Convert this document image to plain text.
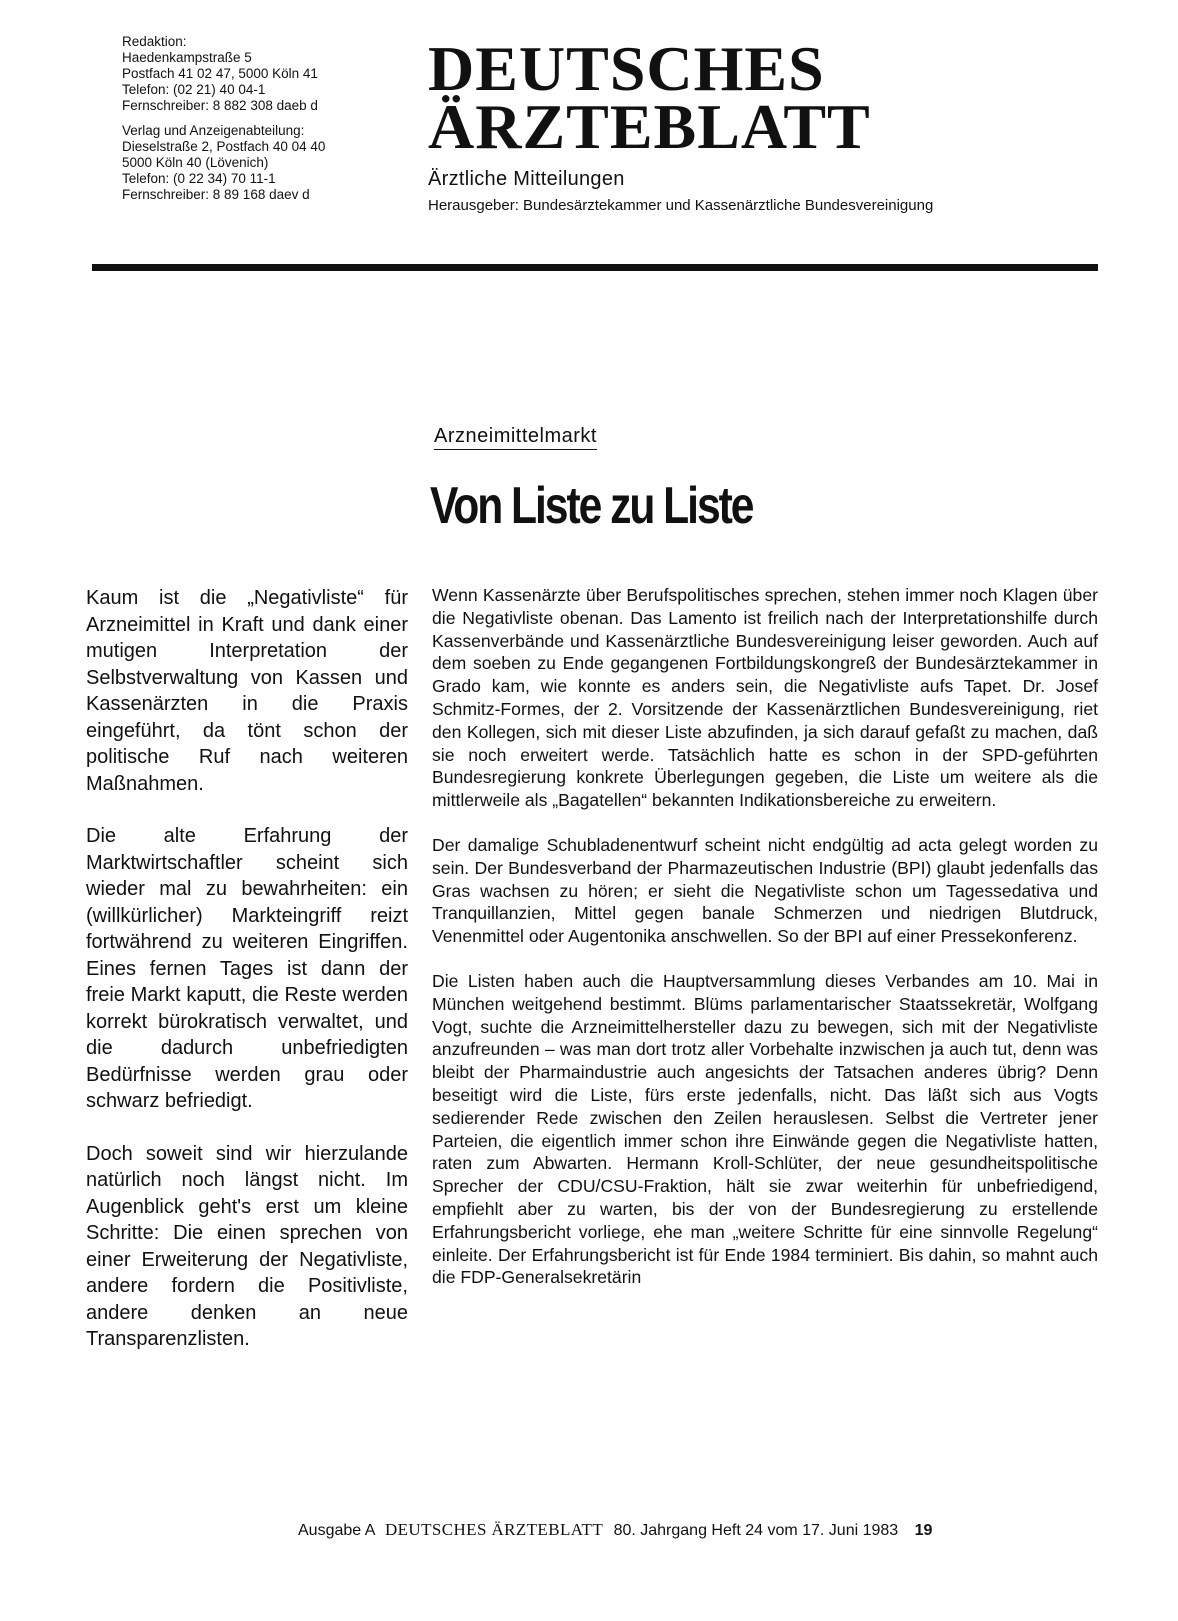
Redaktion:
Haedenkampstraße 5
Postfach 41 02 47, 5000 Köln 41
Telefon: (02 21) 40 04-1
Fernschreiber: 8 882 308 daeb d
Verlag und Anzeigenabteilung:
Dieselstraße 2, Postfach 40 04 40
5000 Köln 40 (Lövenich)
Telefon: (0 22 34) 70 11-1
Fernschreiber: 8 89 168 daev d
DEUTSCHES
ÄRZTEBLATT
Ärztliche Mitteilungen
Herausgeber: Bundesärztekammer und Kassenärztliche Bundesvereinigung
Arzneimittelmarkt
Von Liste zu Liste

Kaum ist die „Negativliste“ für Arzneimittel in Kraft und dank einer mutigen Interpretation der Selbstverwaltung von Kassen und Kassenärzten in die Praxis eingeführt, da tönt schon der politische Ruf nach weiteren Maßnahmen.

Die alte Erfahrung der Marktwirtschaftler scheint sich wieder mal zu bewahrheiten: ein (willkürlicher) Markteingriff reizt fortwährend zu weiteren Eingriffen. Eines fernen Tages ist dann der freie Markt kaputt, die Reste werden korrekt bürokratisch verwaltet, und die dadurch unbefriedigten Bedürfnisse werden grau oder schwarz befriedigt.

Doch soweit sind wir hierzulande natürlich noch längst nicht. Im Augenblick geht's erst um kleine Schritte: Die einen sprechen von einer Erweiterung der Negativliste, andere fordern die Positivliste, andere denken an neue Transparenzlisten.

Wenn Kassenärzte über Berufspolitisches sprechen, stehen immer noch Klagen über die Negativliste obenan. Das Lamento ist freilich nach der Interpretationshilfe durch Kassenverbände und Kassenärztliche Bundesvereinigung leiser geworden. Auch auf dem soeben zu Ende gegangenen Fortbildungskongreß der Bundesärztekammer in Grado kam, wie konnte es anders sein, die Negativliste aufs Tapet. Dr. Josef Schmitz-Formes, der 2. Vorsitzende der Kassenärztlichen Bundesvereinigung, riet den Kollegen, sich mit dieser Liste abzufinden, ja sich darauf gefaßt zu machen, daß sie noch erweitert werde. Tatsächlich hatte es schon in der SPD-geführten Bundesregierung konkrete Überlegungen gegeben, die Liste um weitere als die mittlerweile als „Bagatellen“ bekannten Indikationsbereiche zu erweitern.

Der damalige Schubladenentwurf scheint nicht endgültig ad acta gelegt worden zu sein. Der Bundesverband der Pharmazeutischen Industrie (BPI) glaubt jedenfalls das Gras wachsen zu hören; er sieht die Negativliste schon um Tagessedativa und Tranquillanzien, Mittel gegen banale Schmerzen und niedrigen Blutdruck, Venenmittel oder Augentonika anschwellen. So der BPI auf einer Pressekonferenz.

Die Listen haben auch die Hauptversammlung dieses Verbandes am 10. Mai in München weitgehend bestimmt. Blüms parlamentarischer Staatssekretär, Wolfgang Vogt, suchte die Arzneimittelhersteller dazu zu bewegen, sich mit der Negativliste anzufreunden – was man dort trotz aller Vorbehalte inzwischen ja auch tut, denn was bleibt der Pharmaindustrie auch angesichts der Tatsachen anderes übrig? Denn beseitigt wird die Liste, fürs erste jedenfalls, nicht. Das läßt sich aus Vogts sedierender Rede zwischen den Zeilen herauslesen. Selbst die Vertreter jener Parteien, die eigentlich immer schon ihre Einwände gegen die Negativliste hatten, raten zum Abwarten. Hermann Kroll-Schlüter, der neue gesundheitspolitische Sprecher der CDU/CSU-Fraktion, hält sie zwar weiterhin für unbefriedigend, empfiehlt aber zu warten, bis der von der Bundesregierung zu erstellende Erfahrungsbericht vorliege, ehe man „weitere Schritte für eine sinnvolle Regelung“ einleite. Der Erfahrungsbericht ist für Ende 1984 terminiert. Bis dahin, so mahnt auch die FDP-Generalsekretärin

Ausgabe A DEUTSCHES ÄRZTEBLATT 80. Jahrgang Heft 24 vom 17. Juni 1983 19
